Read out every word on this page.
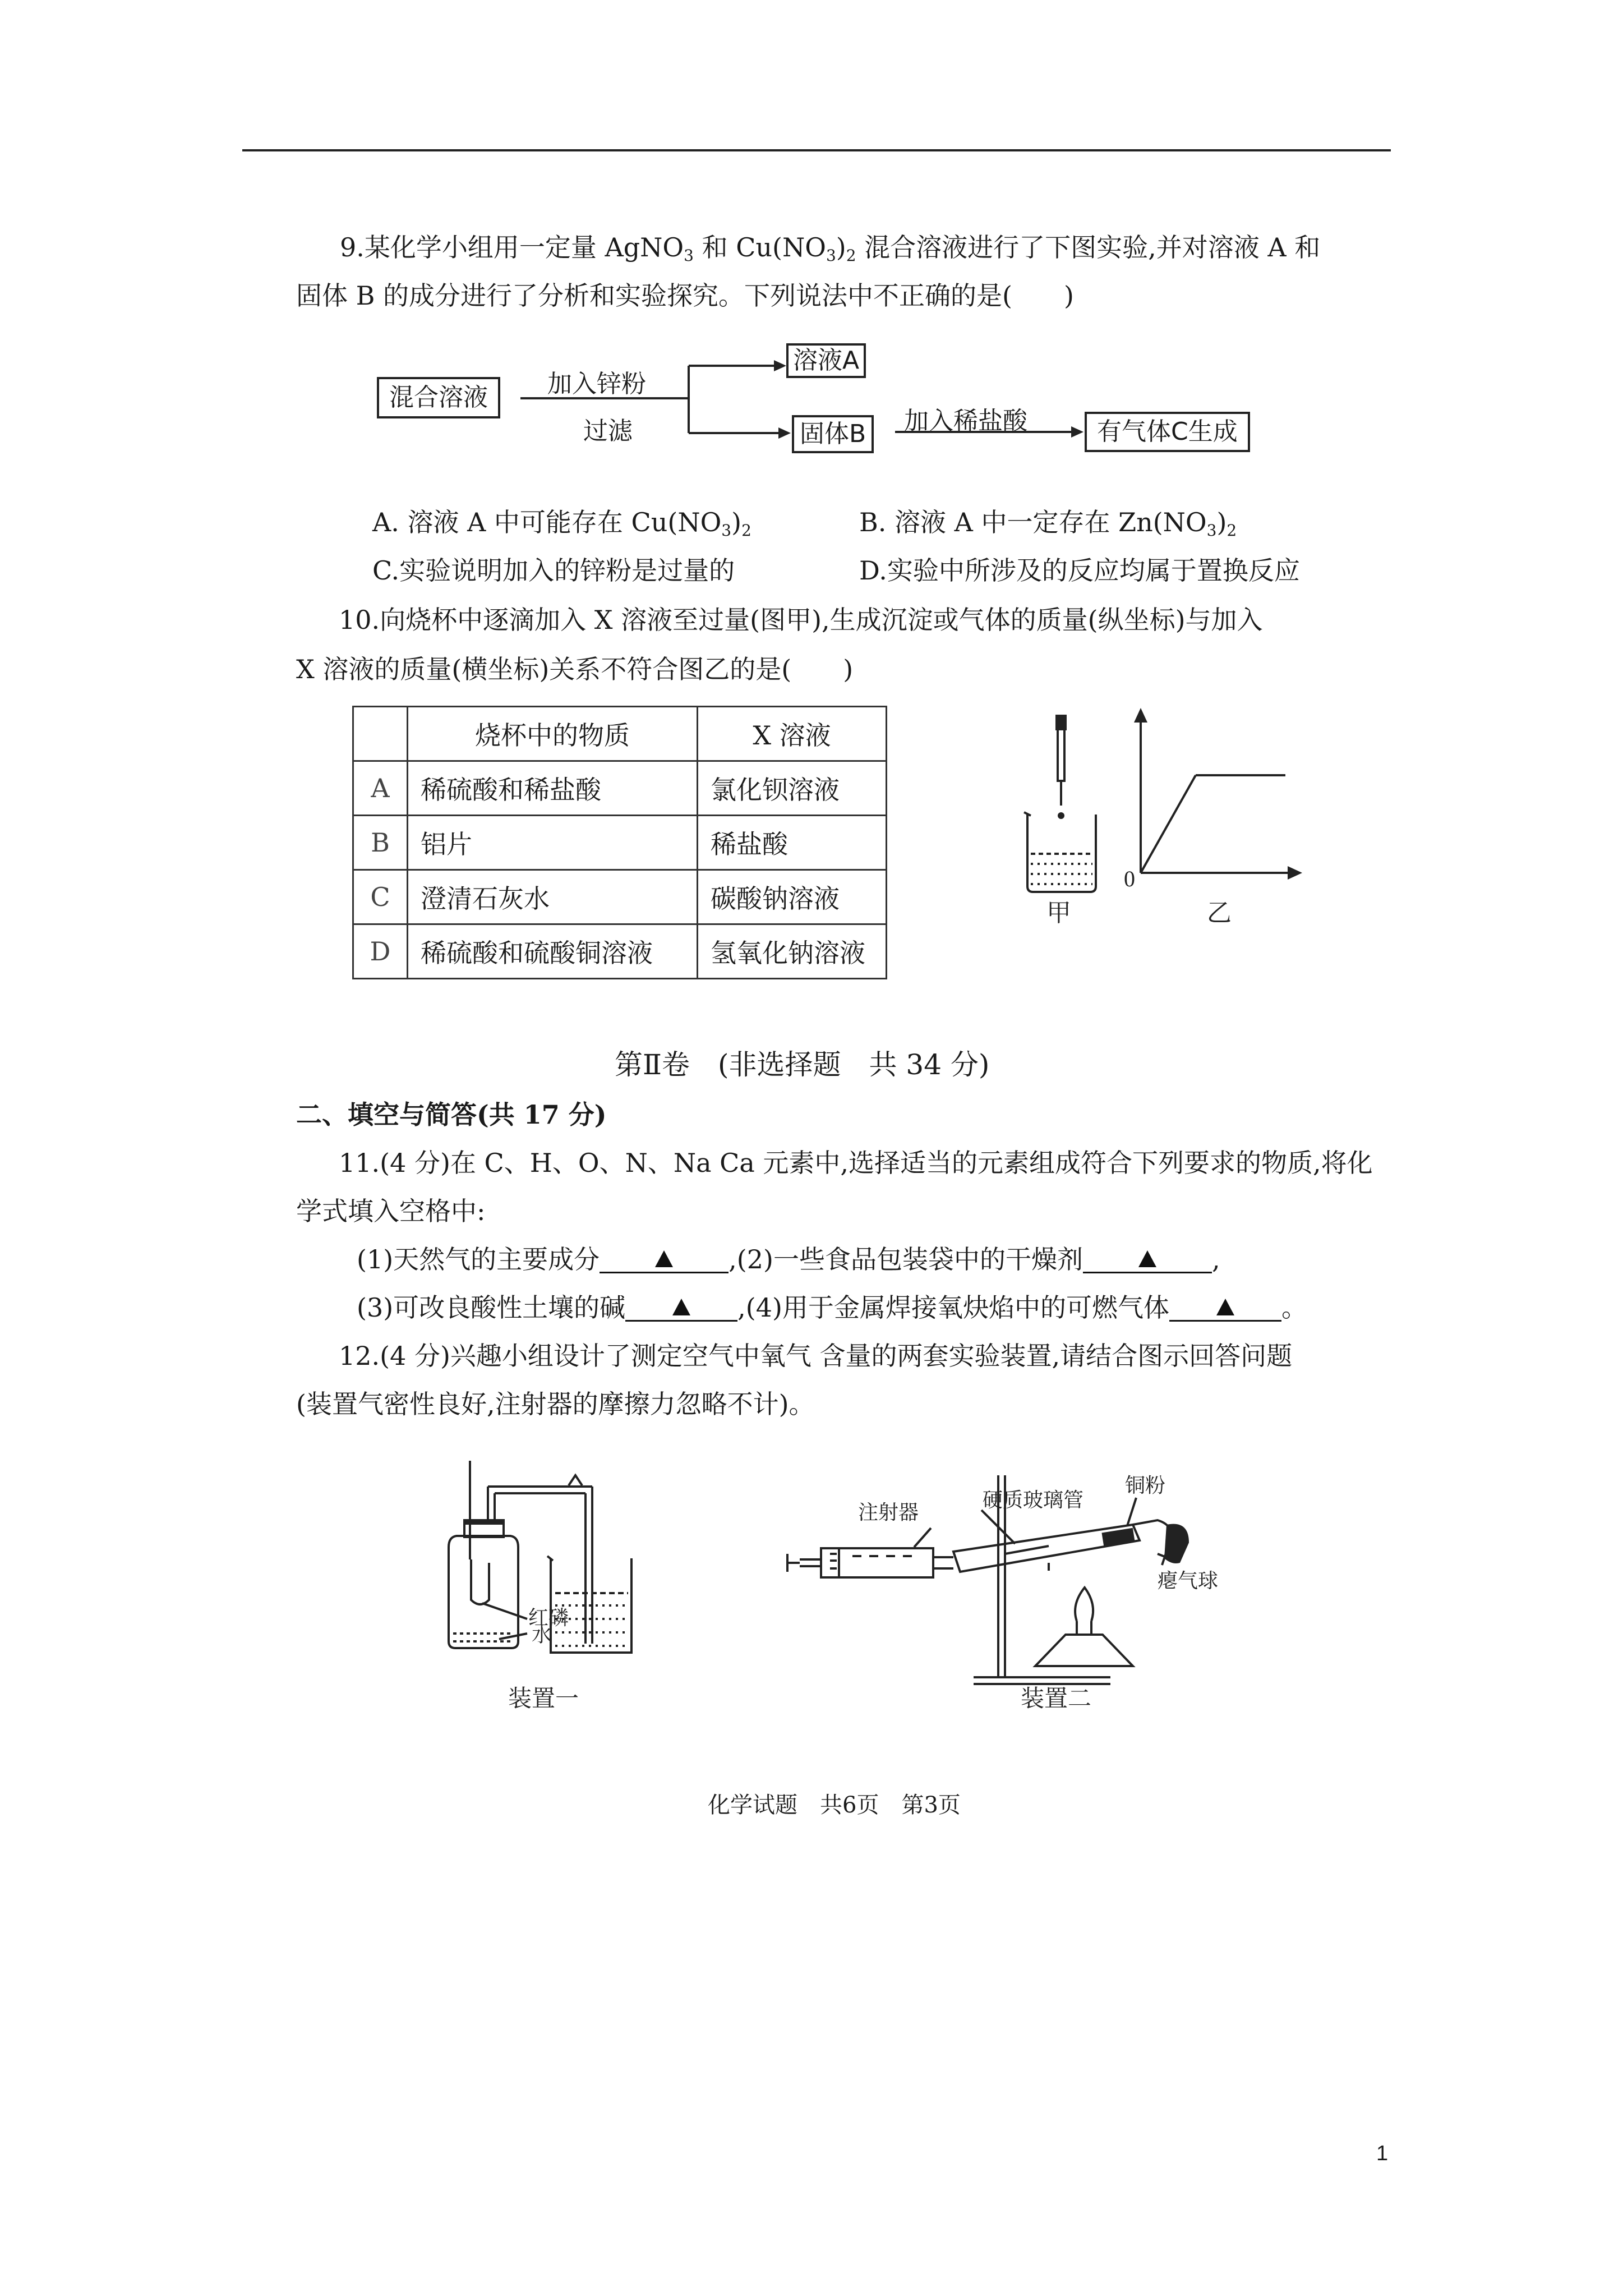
9.某化学小组用一定量 AgNO$_3$ 和 $Cu(NO_3)_2$ 混合溶液进行了下图实验,并对溶液 A 和
固体 B 的成分进行了分析和实验探究。下列说法中不正确的是(　　)
混合溶液
溶液A
固体B	有气体C生成
加入锌粉
过滤	加入稀盐酸
A. 溶液 A 中可能存在 $Cu(NO_3)_2$	B. 溶液 A 中一定存在 $Zn(NO_3)_2$
C.实验说明加入的锌粉是过量的	D.实验中所涉及的反应均属于置换反应
10.向烧杯中逐滴加入 X 溶液至过量(图甲),生成沉淀或气体的质量(纵坐标)与加入
X 溶液的质量(横坐标)关系不符合图乙的是(　　)
	烧杯中的物质	X 溶液
A	稀硫酸和稀盐酸	氯化钡溶液
B	铝片	稀盐酸
C	澄清石灰水	碳酸钠溶液
D	稀硫酸和硫酸铜溶液	氢氧化钠溶液
0
甲	乙
第Ⅱ卷　(非选择题　共 34 分)
二、填空与简答(共 17 分)
11.(4 分)在 C、H、O、N、Na Ca 元素中,选择适当的元素组成符合下列要求的物质,将化
学式填入空格中:
(1)天然气的主要成分	,(2)一些食品包装袋中的干燥剂	,
(3)可改良酸性土壤的碱	,(4)用于金属焊接氧炔焰中的可燃气体	。
12.(4 分)兴趣小组设计了测定空气中氧气 含量的两套实验装置,请结合图示回答问题
(装置气密性良好,注射器的摩擦力忽略不计)。
红磷
水
装置一
注射器
硬质玻璃管
铜粉
瘪气球
装置二
化学试题　共6页　第3页
1
